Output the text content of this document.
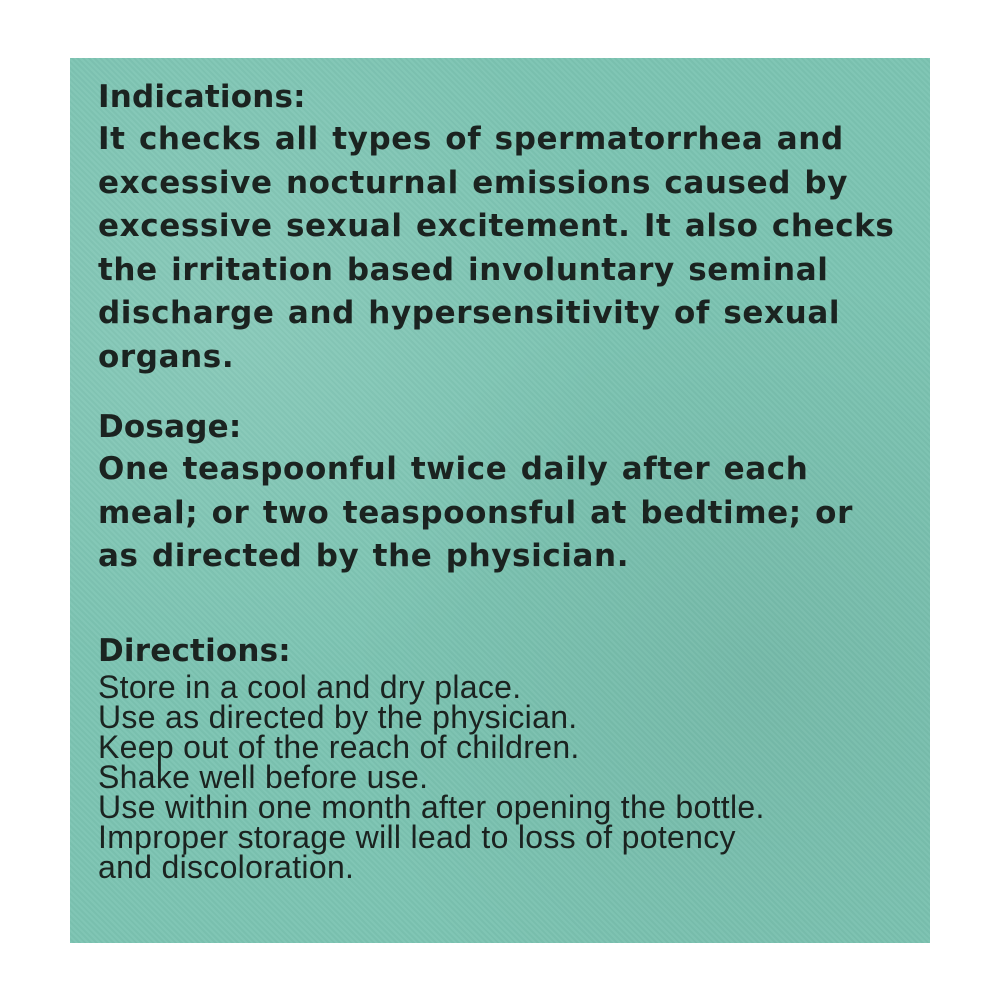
Indications:

It checks all types of spermatorrhea and

excessive nocturnal emissions caused by

excessive sexual excitement. It also checks

the irritation based involuntary seminal

discharge and hypersensitivity of sexual

organs.

Dosage:

One teaspoonful twice daily after each

meal; or two teaspoonsful at bedtime; or

as directed by the physician.

Directions:
Store in a cool and dry place.
Use as directed by the physician.
Keep out of the reach of children.
Shake well before use.
Use within one month after opening the bottle.
Improper storage will lead to loss of potency
and discoloration.
